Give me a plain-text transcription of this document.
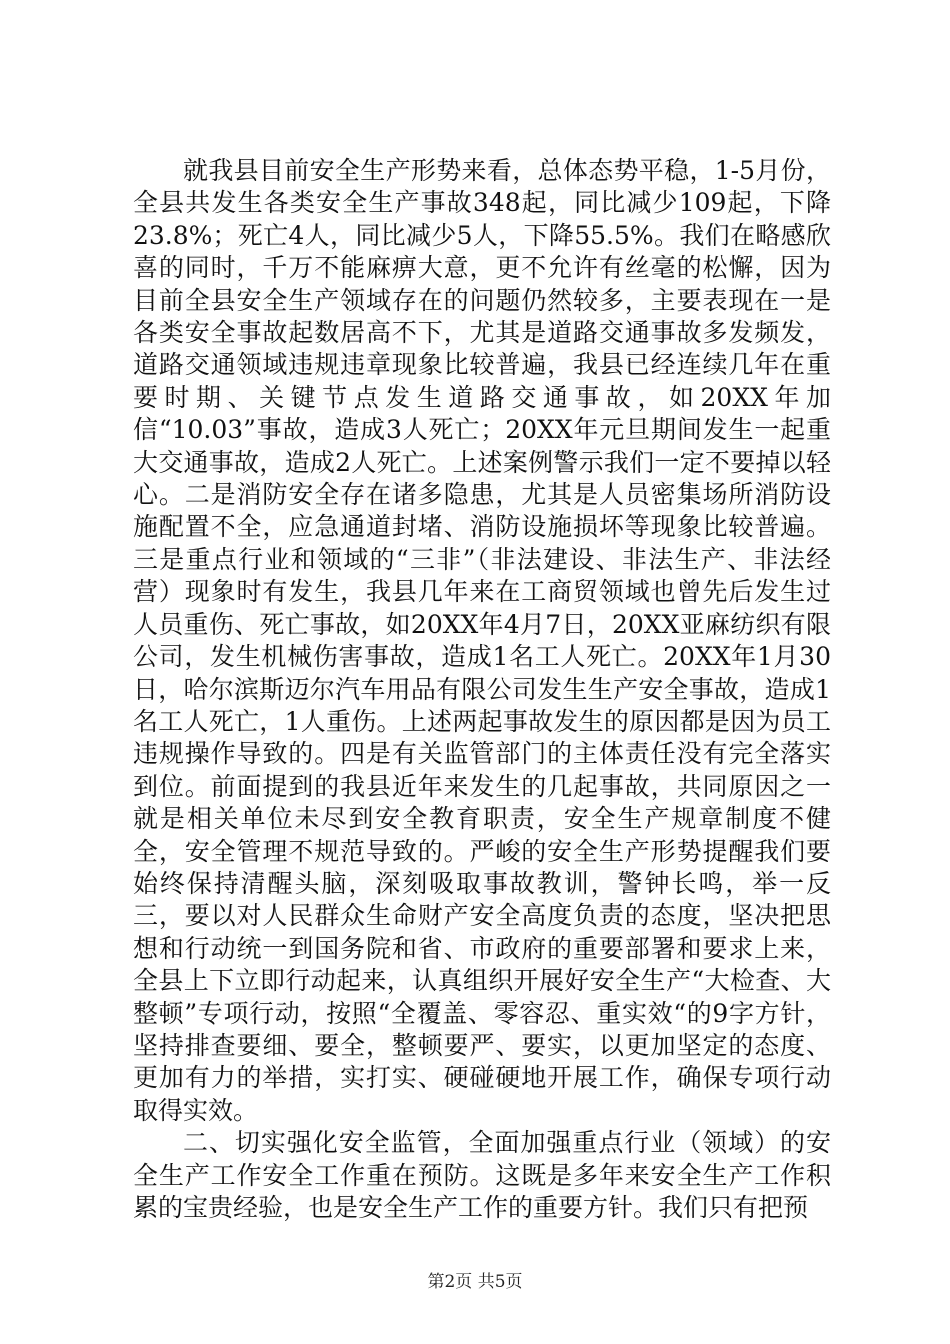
就我县目前安全生产形势来看，总体态势平稳，1-5月份，全县共发生各类安全生产事故348起，同比减少109起，下降23.8%；死亡4人，同比减少5人，下降55.5%。我们在略感欣喜的同时，千万不能麻痹大意，更不允许有丝毫的松懈，因为目前全县安全生产领域存在的问题仍然较多，主要表现在一是各类安全事故起数居高不下，尤其是道路交通事故多发频发，道路交通领域违规违章现象比较普遍，我县已经连续几年在重要时期、关键节点发生道路交通事故，如20XX年加信“10.03”事故，造成3人死亡；20XX年元旦期间发生一起重大交通事故，造成2人死亡。上述案例警示我们一定不要掉以轻心。二是消防安全存在诸多隐患，尤其是人员密集场所消防设施配置不全，应急通道封堵、消防设施损坏等现象比较普遍。三是重点行业和领域的“三非”（非法建设、非法生产、非法经营）现象时有发生，我县几年来在工商贸领域也曾先后发生过人员重伤、死亡事故，如20XX年4月7日，20XX亚麻纺织有限公司，发生机械伤害事故，造成1名工人死亡。20XX年1月30日，哈尔滨斯迈尔汽车用品有限公司发生生产安全事故，造成1名工人死亡，1人重伤。上述两起事故发生的原因都是因为员工违规操作导致的。四是有关监管部门的主体责任没有完全落实到位。前面提到的我县近年来发生的几起事故，共同原因之一就是相关单位未尽到安全教育职责，安全生产规章制度不健全，安全管理不规范导致的。严峻的安全生产形势提醒我们要始终保持清醒头脑，深刻吸取事故教训，警钟长鸣，举一反三，要以对人民群众生命财产安全高度负责的态度，坚决把思想和行动统一到国务院和省、市政府的重要部署和要求上来，全县上下立即行动起来，认真组织开展好安全生产“大检查、大整顿”专项行动，按照“全覆盖、零容忍、重实效“的9字方针，坚持排查要细、要全，整顿要严、要实，以更加坚定的态度、更加有力的举措，实打实、硬碰硬地开展工作，确保专项行动取得实效。

二、切实强化安全监管，全面加强重点行业（领域）的安全生产工作安全工作重在预防。这既是多年来安全生产工作积累的宝贵经验，也是安全生产工作的重要方针。我们只有把预

第2页 共5页
